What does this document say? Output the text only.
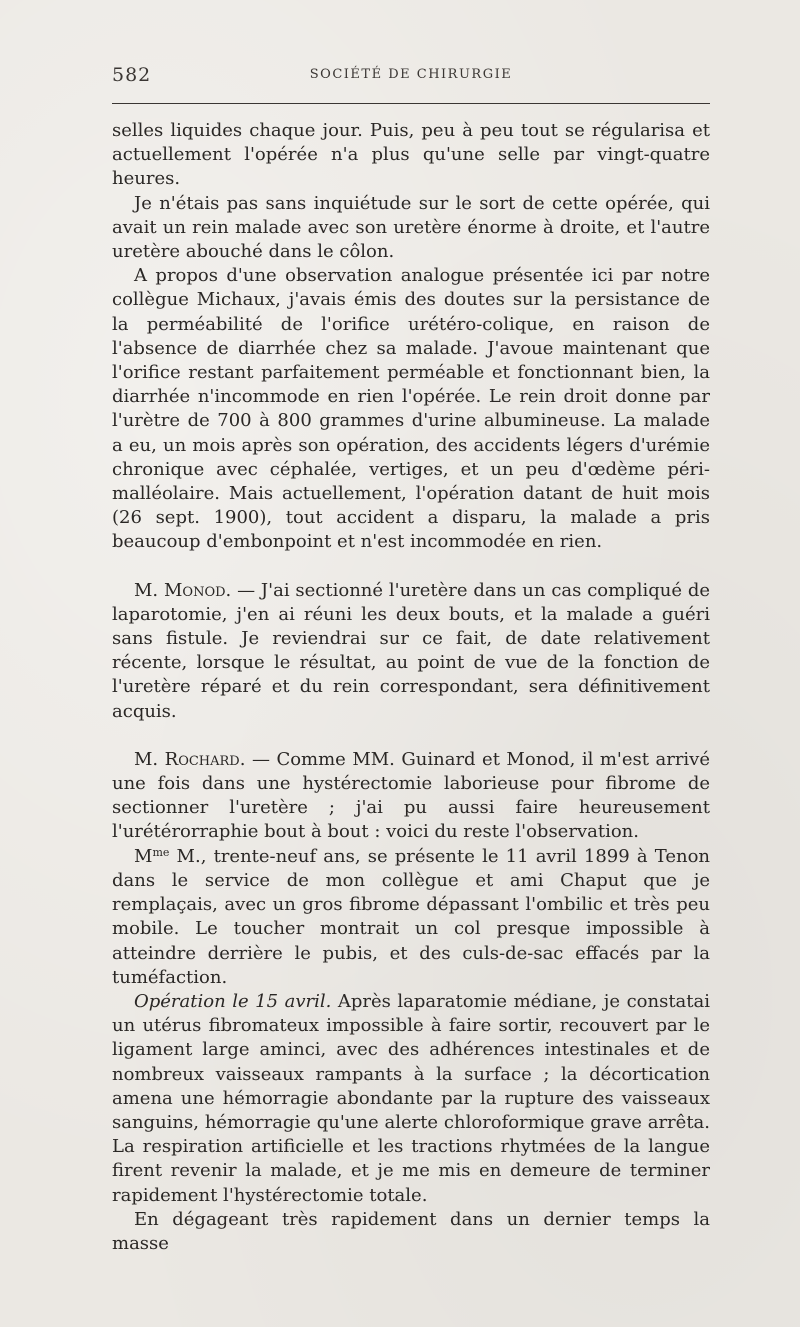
582	SOCIÉTÉ DE CHIRURGIE

selles liquides chaque jour. Puis, peu à peu tout se régularisa et actuellement l'opérée n'a plus qu'une selle par vingt-quatre heures.

Je n'étais pas sans inquiétude sur le sort de cette opérée, qui avait un rein malade avec son uretère énorme à droite, et l'autre uretère abouché dans le côlon.

A propos d'une observation analogue présentée ici par notre collègue Michaux, j'avais émis des doutes sur la persistance de la perméabilité de l'orifice urétéro-colique, en raison de l'absence de diarrhée chez sa malade. J'avoue maintenant que l'orifice restant parfaitement perméable et fonctionnant bien, la diarrhée n'incommode en rien l'opérée. Le rein droit donne par l'urètre de 700 à 800 grammes d'urine albumineuse. La malade a eu, un mois après son opération, des accidents légers d'urémie chronique avec céphalée, vertiges, et un peu d'œdème péri-malléolaire. Mais actuellement, l'opération datant de huit mois (26 sept. 1900), tout accident a disparu, la malade a pris beaucoup d'embonpoint et n'est incommodée en rien.

M. Monod. — J'ai sectionné l'uretère dans un cas compliqué de laparotomie, j'en ai réuni les deux bouts, et la malade a guéri sans fistule. Je reviendrai sur ce fait, de date relativement récente, lorsque le résultat, au point de vue de la fonction de l'uretère réparé et du rein correspondant, sera définitivement acquis.

M. Rochard. — Comme MM. Guinard et Monod, il m'est arrivé une fois dans une hystérectomie laborieuse pour fibrome de sectionner l'uretère ; j'ai pu aussi faire heureusement l'urétérorraphie bout à bout : voici du reste l'observation.

$M^{me}$ M., trente-neuf ans, se présente le 11 avril 1899 à Tenon dans le service de mon collègue et ami Chaput que je remplaçais, avec un gros fibrome dépassant l'ombilic et très peu mobile. Le toucher montrait un col presque impossible à atteindre derrière le pubis, et des culs-de-sac effacés par la tuméfaction.

Opération le 15 avril. Après laparatomie médiane, je constatai un utérus fibromateux impossible à faire sortir, recouvert par le ligament large aminci, avec des adhérences intestinales et de nombreux vaisseaux rampants à la surface ; la décortication amena une hémorragie abondante par la rupture des vaisseaux sanguins, hémorragie qu'une alerte chloroformique grave arrêta. La respiration artificielle et les tractions rhytmées de la langue firent revenir la malade, et je me mis en demeure de terminer rapidement l'hystérectomie totale.

En dégageant très rapidement dans un dernier temps la masse
